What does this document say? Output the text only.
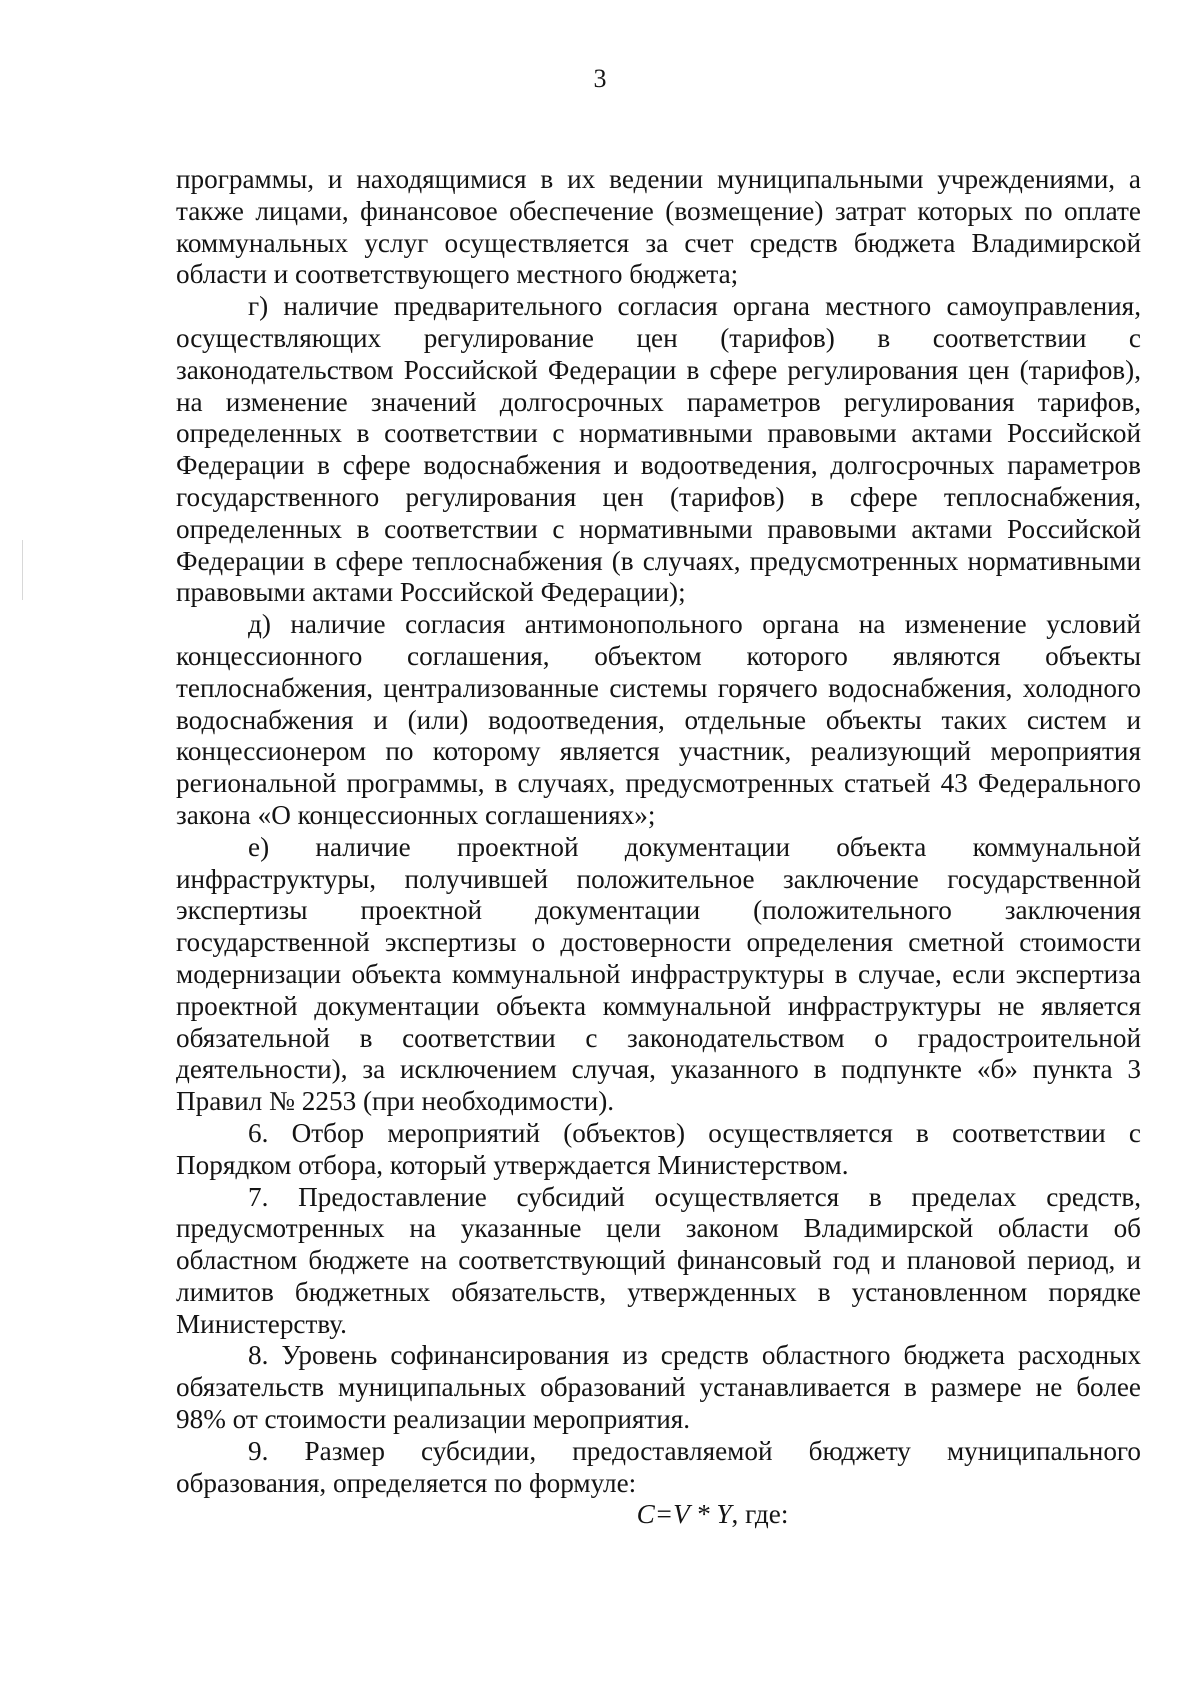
3

программы, и находящимися в их ведении муниципальными учреждениями, а также лицами, финансовое обеспечение (возмещение) затрат которых по оплате коммунальных услуг осуществляется за счет средств бюджета Владимирской области и соответствующего местного бюджета;

г) наличие предварительного согласия органа местного самоуправления, осуществляющих регулирование цен (тарифов) в соответствии с законодательством Российской Федерации в сфере регулирования цен (тарифов), на изменение значений долгосрочных параметров регулирования тарифов, определенных в соответствии с нормативными правовыми актами Российской Федерации в сфере водоснабжения и водоотведения, долгосрочных параметров государственного регулирования цен (тарифов) в сфере теплоснабжения, определенных в соответствии с нормативными правовыми актами Российской Федерации в сфере теплоснабжения (в случаях, предусмотренных нормативными правовыми актами Российской Федерации);

д) наличие согласия антимонопольного органа на изменение условий концессионного соглашения, объектом которого являются объекты теплоснабжения, централизованные системы горячего водоснабжения, холодного водоснабжения и (или) водоотведения, отдельные объекты таких систем и концессионером по которому является участник, реализующий мероприятия региональной программы, в случаях, предусмотренных статьей 43 Федерального закона «О концессионных соглашениях»;

е) наличие проектной документации объекта коммунальной инфраструктуры, получившей положительное заключение государственной экспертизы проектной документации (положительного заключения государственной экспертизы о достоверности определения сметной стоимости модернизации объекта коммунальной инфраструктуры в случае, если экспертиза проектной документации объекта коммунальной инфраструктуры не является обязательной в соответствии с законодательством о градостроительной деятельности), за исключением случая, указанного в подпункте «б» пункта 3 Правил № 2253 (при необходимости).

6. Отбор мероприятий (объектов) осуществляется в соответствии с Порядком отбора, который утверждается Министерством.

7. Предоставление субсидий осуществляется в пределах средств, предусмотренных на указанные цели законом Владимирской области об областном бюджете на соответствующий финансовый год и плановой период, и лимитов бюджетных обязательств, утвержденных в установленном порядке Министерству.

8. Уровень софинансирования из средств областного бюджета расходных обязательств муниципальных образований устанавливается в размере не более 98% от стоимости реализации мероприятия.

9. Размер субсидии, предоставляемой бюджету муниципального образования, определяется по формуле:

C=V * Y, где:
